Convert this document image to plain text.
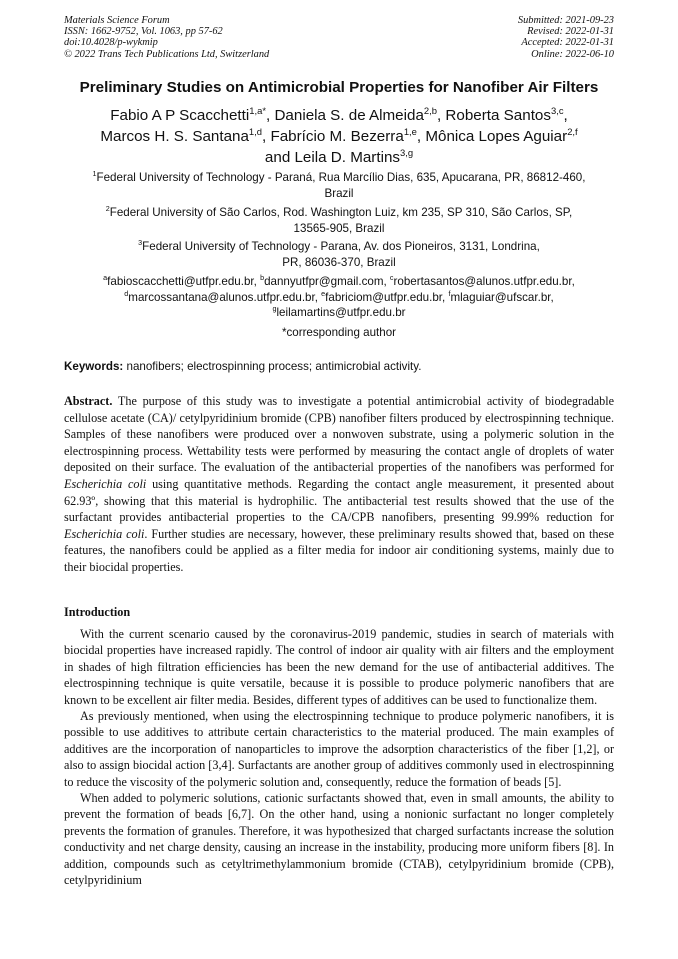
Materials Science Forum
ISSN: 1662-9752, Vol. 1063, pp 57-62
doi:10.4028/p-wykmip
© 2022 Trans Tech Publications Ltd, Switzerland
Submitted: 2021-09-23
Revised: 2022-01-31
Accepted: 2022-01-31
Online: 2022-06-10
Preliminary Studies on Antimicrobial Properties for Nanofiber Air Filters
Fabio A P Scacchetti$^{1,a*}$, Daniela S. de Almeida$^{2,b}$, Roberta Santos$^{3,c}$,
Marcos H. S. Santana$^{1,d}$, Fabrício M. Bezerra$^{1,e}$, Mônica Lopes Aguiar$^{2,f}$
and Leila D. Martins$^{3,g}$
$^1$Federal University of Technology - Paraná, Rua Marcílio Dias, 635, Apucarana, PR, 86812-460,
Brazil
$^2$Federal University of São Carlos, Rod. Washington Luiz, km 235, SP 310, São Carlos, SP,
13565-905, Brazil
$^3$Federal University of Technology - Parana, Av. dos Pioneiros, 3131, Londrina,
PR, 86036-370, Brazil
$^a$fabioscacchetti@utfpr.edu.br, $^b$dannyutfpr@gmail.com, $^c$robertasantos@alunos.utfpr.edu.br,
$^d$marcossantana@alunos.utfpr.edu.br, $^e$fabriciom@utfpr.edu.br, $^f$mlaguiar@ufscar.br,
$^g$leilamartins@utfpr.edu.br
*corresponding author
Keywords: nanofibers; electrospinning process; antimicrobial activity.
Abstract. The purpose of this study was to investigate a potential antimicrobial activity of biodegradable cellulose acetate (CA)/ cetylpyridinium bromide (CPB) nanofiber filters produced by electrospinning technique. Samples of these nanofibers were produced over a nonwoven substrate, using a polymeric solution in the electrospinning process. Wettability tests were performed by measuring the contact angle of droplets of water deposited on their surface. The evaluation of the antibacterial properties of the nanofibers was performed for Escherichia coli using quantitative methods. Regarding the contact angle measurement, it presented about 62.93º, showing that this material is hydrophilic. The antibacterial test results showed that the use of the surfactant provides antibacterial properties to the CA/CPB nanofibers, presenting 99.99% reduction for Escherichia coli. Further studies are necessary, however, these preliminary results showed that, based on these features, the nanofibers could be applied as a filter media for indoor air conditioning systems, mainly due to their biocidal properties.
Introduction

With the current scenario caused by the coronavirus-2019 pandemic, studies in search of materials with biocidal properties have increased rapidly. The control of indoor air quality with air filters and the employment in shades of high filtration efficiencies has been the new demand for the use of antibacterial additives. The electrospinning technique is quite versatile, because it is possible to produce polymeric nanofibers that are known to be excellent air filter media. Besides, different types of additives can be used to functionalize them.

As previously mentioned, when using the electrospinning technique to produce polymeric nanofibers, it is possible to use additives to attribute certain characteristics to the material produced. The main examples of additives are the incorporation of nanoparticles to improve the adsorption characteristics of the fiber [1,2], or also to assign biocidal action [3,4]. Surfactants are another group of additives commonly used in electrospinning to reduce the viscosity of the polymeric solution and, consequently, reduce the formation of beads [5].

When added to polymeric solutions, cationic surfactants showed that, even in small amounts, the ability to prevent the formation of beads [6,7]. On the other hand, using a nonionic surfactant no longer completely prevents the formation of granules. Therefore, it was hypothesized that charged surfactants increase the solution conductivity and net charge density, causing an increase in the instability, producing more uniform fibers [8]. In addition, compounds such as cetyltrimethylammonium bromide (CTAB), cetylpyridinium bromide (CPB), cetylpyridinium
